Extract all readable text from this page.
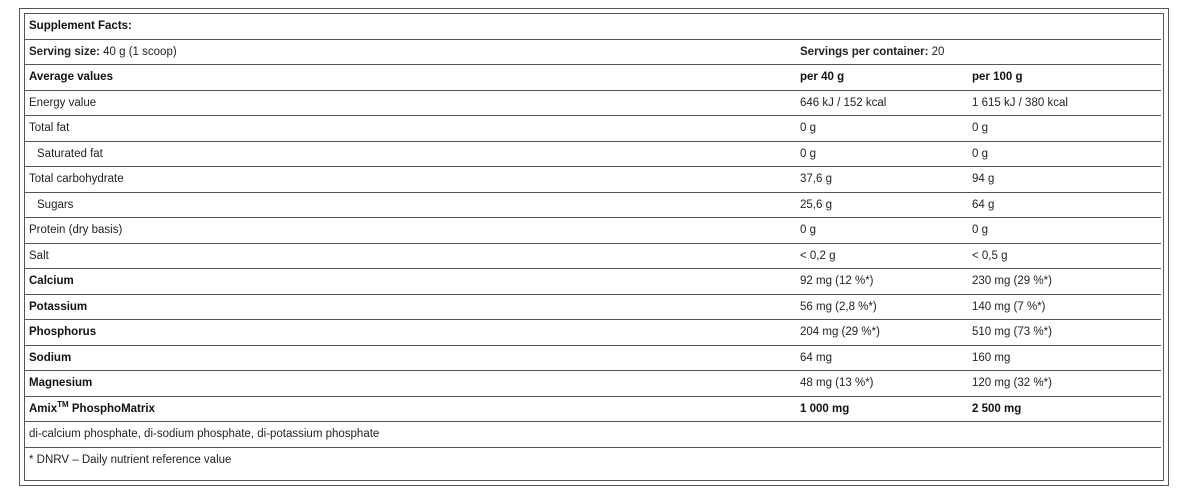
Supplement Facts:		
Serving size: 40 g (1 scoop)	Servings per container: 20	
Average values	per 40 g	per 100 g
Energy value	646 kJ / 152 kcal	1 615 kJ / 380 kcal
Total fat	0 g	0 g
Saturated fat	0 g	0 g
Total carbohydrate	37,6 g	94 g
Sugars	25,6 g	64 g
Protein (dry basis)	0 g	0 g
Salt	< 0,2 g	< 0,5 g
Calcium	92 mg (12 %*)	230 mg (29 %*)
Potassium	56 mg (2,8 %*)	140 mg (7 %*)
Phosphorus	204 mg (29 %*)	510 mg (73 %*)
Sodium	64 mg	160 mg
Magnesium	48 mg (13 %*)	120 mg (32 %*)
Amix™ PhosphoMatrix	1 000 mg	2 500 mg
di-calcium phosphate, di-sodium phosphate, di-potassium phosphate		
* DNRV – Daily nutrient reference value		
